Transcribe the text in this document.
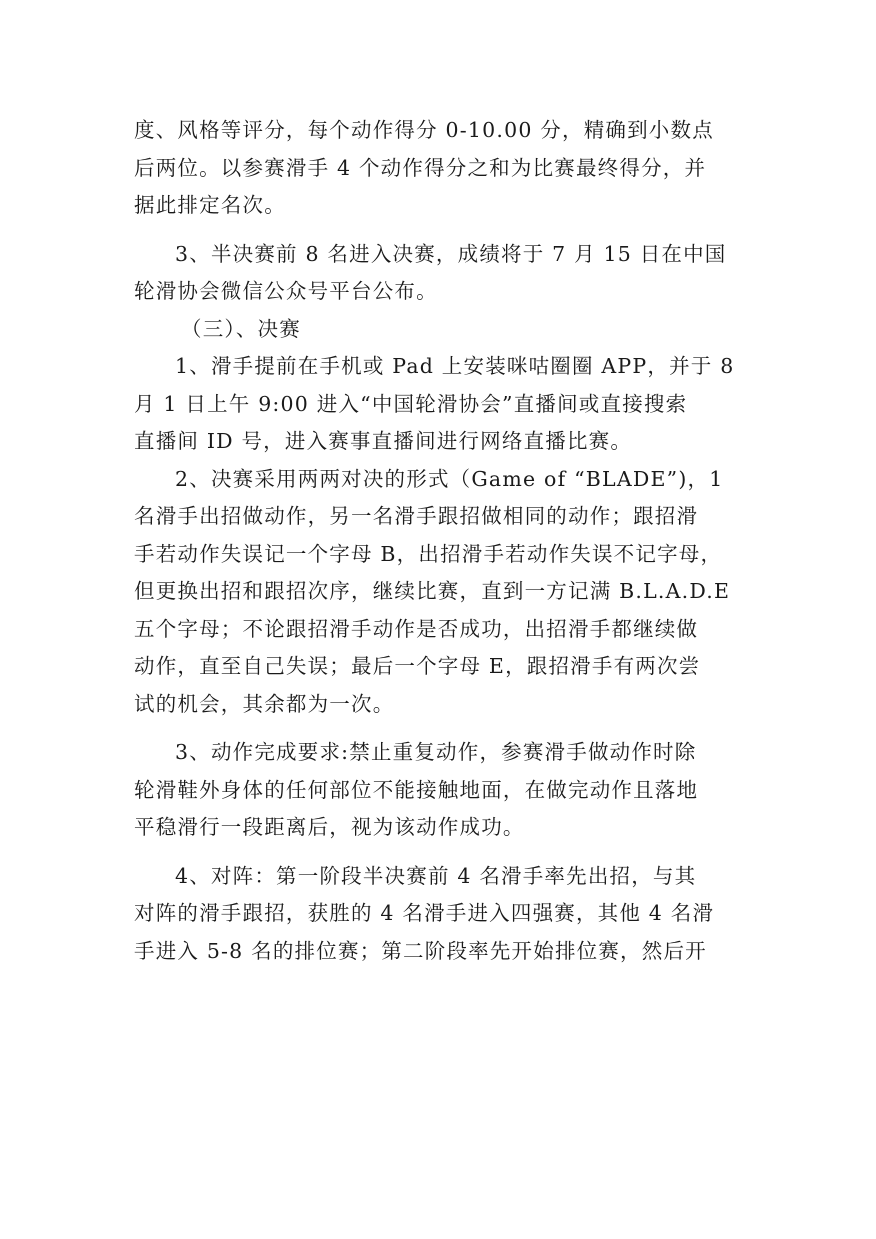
度、风格等评分，每个动作得分 0-10.00 分，精确到小数点
后两位。以参赛滑手 4 个动作得分之和为比赛最终得分，并
据此排定名次。
3、半决赛前 8 名进入决赛，成绩将于 7 月 15 日在中国
轮滑协会微信公众号平台公布。
（三）、决赛
1、滑手提前在手机或 Pad 上安装咪咕圈圈 APP，并于 8
月 1 日上午 9:00 进入“中国轮滑协会”直播间或直接搜索
直播间 ID 号，进入赛事直播间进行网络直播比赛。
2、决赛采用两两对决的形式（Game of “BLADE”)，1
名滑手出招做动作，另一名滑手跟招做相同的动作；跟招滑
手若动作失误记一个字母 B，出招滑手若动作失误不记字母，
但更换出招和跟招次序，继续比赛，直到一方记满 B.L.A.D.E
五个字母；不论跟招滑手动作是否成功，出招滑手都继续做
动作，直至自己失误；最后一个字母 E，跟招滑手有两次尝
试的机会，其余都为一次。
3、动作完成要求:禁止重复动作，参赛滑手做动作时除
轮滑鞋外身体的任何部位不能接触地面，在做完动作且落地
平稳滑行一段距离后，视为该动作成功。
4、对阵：第一阶段半决赛前 4 名滑手率先出招，与其
对阵的滑手跟招，获胜的 4 名滑手进入四强赛，其他 4 名滑
手进入 5-8 名的排位赛；第二阶段率先开始排位赛，然后开
